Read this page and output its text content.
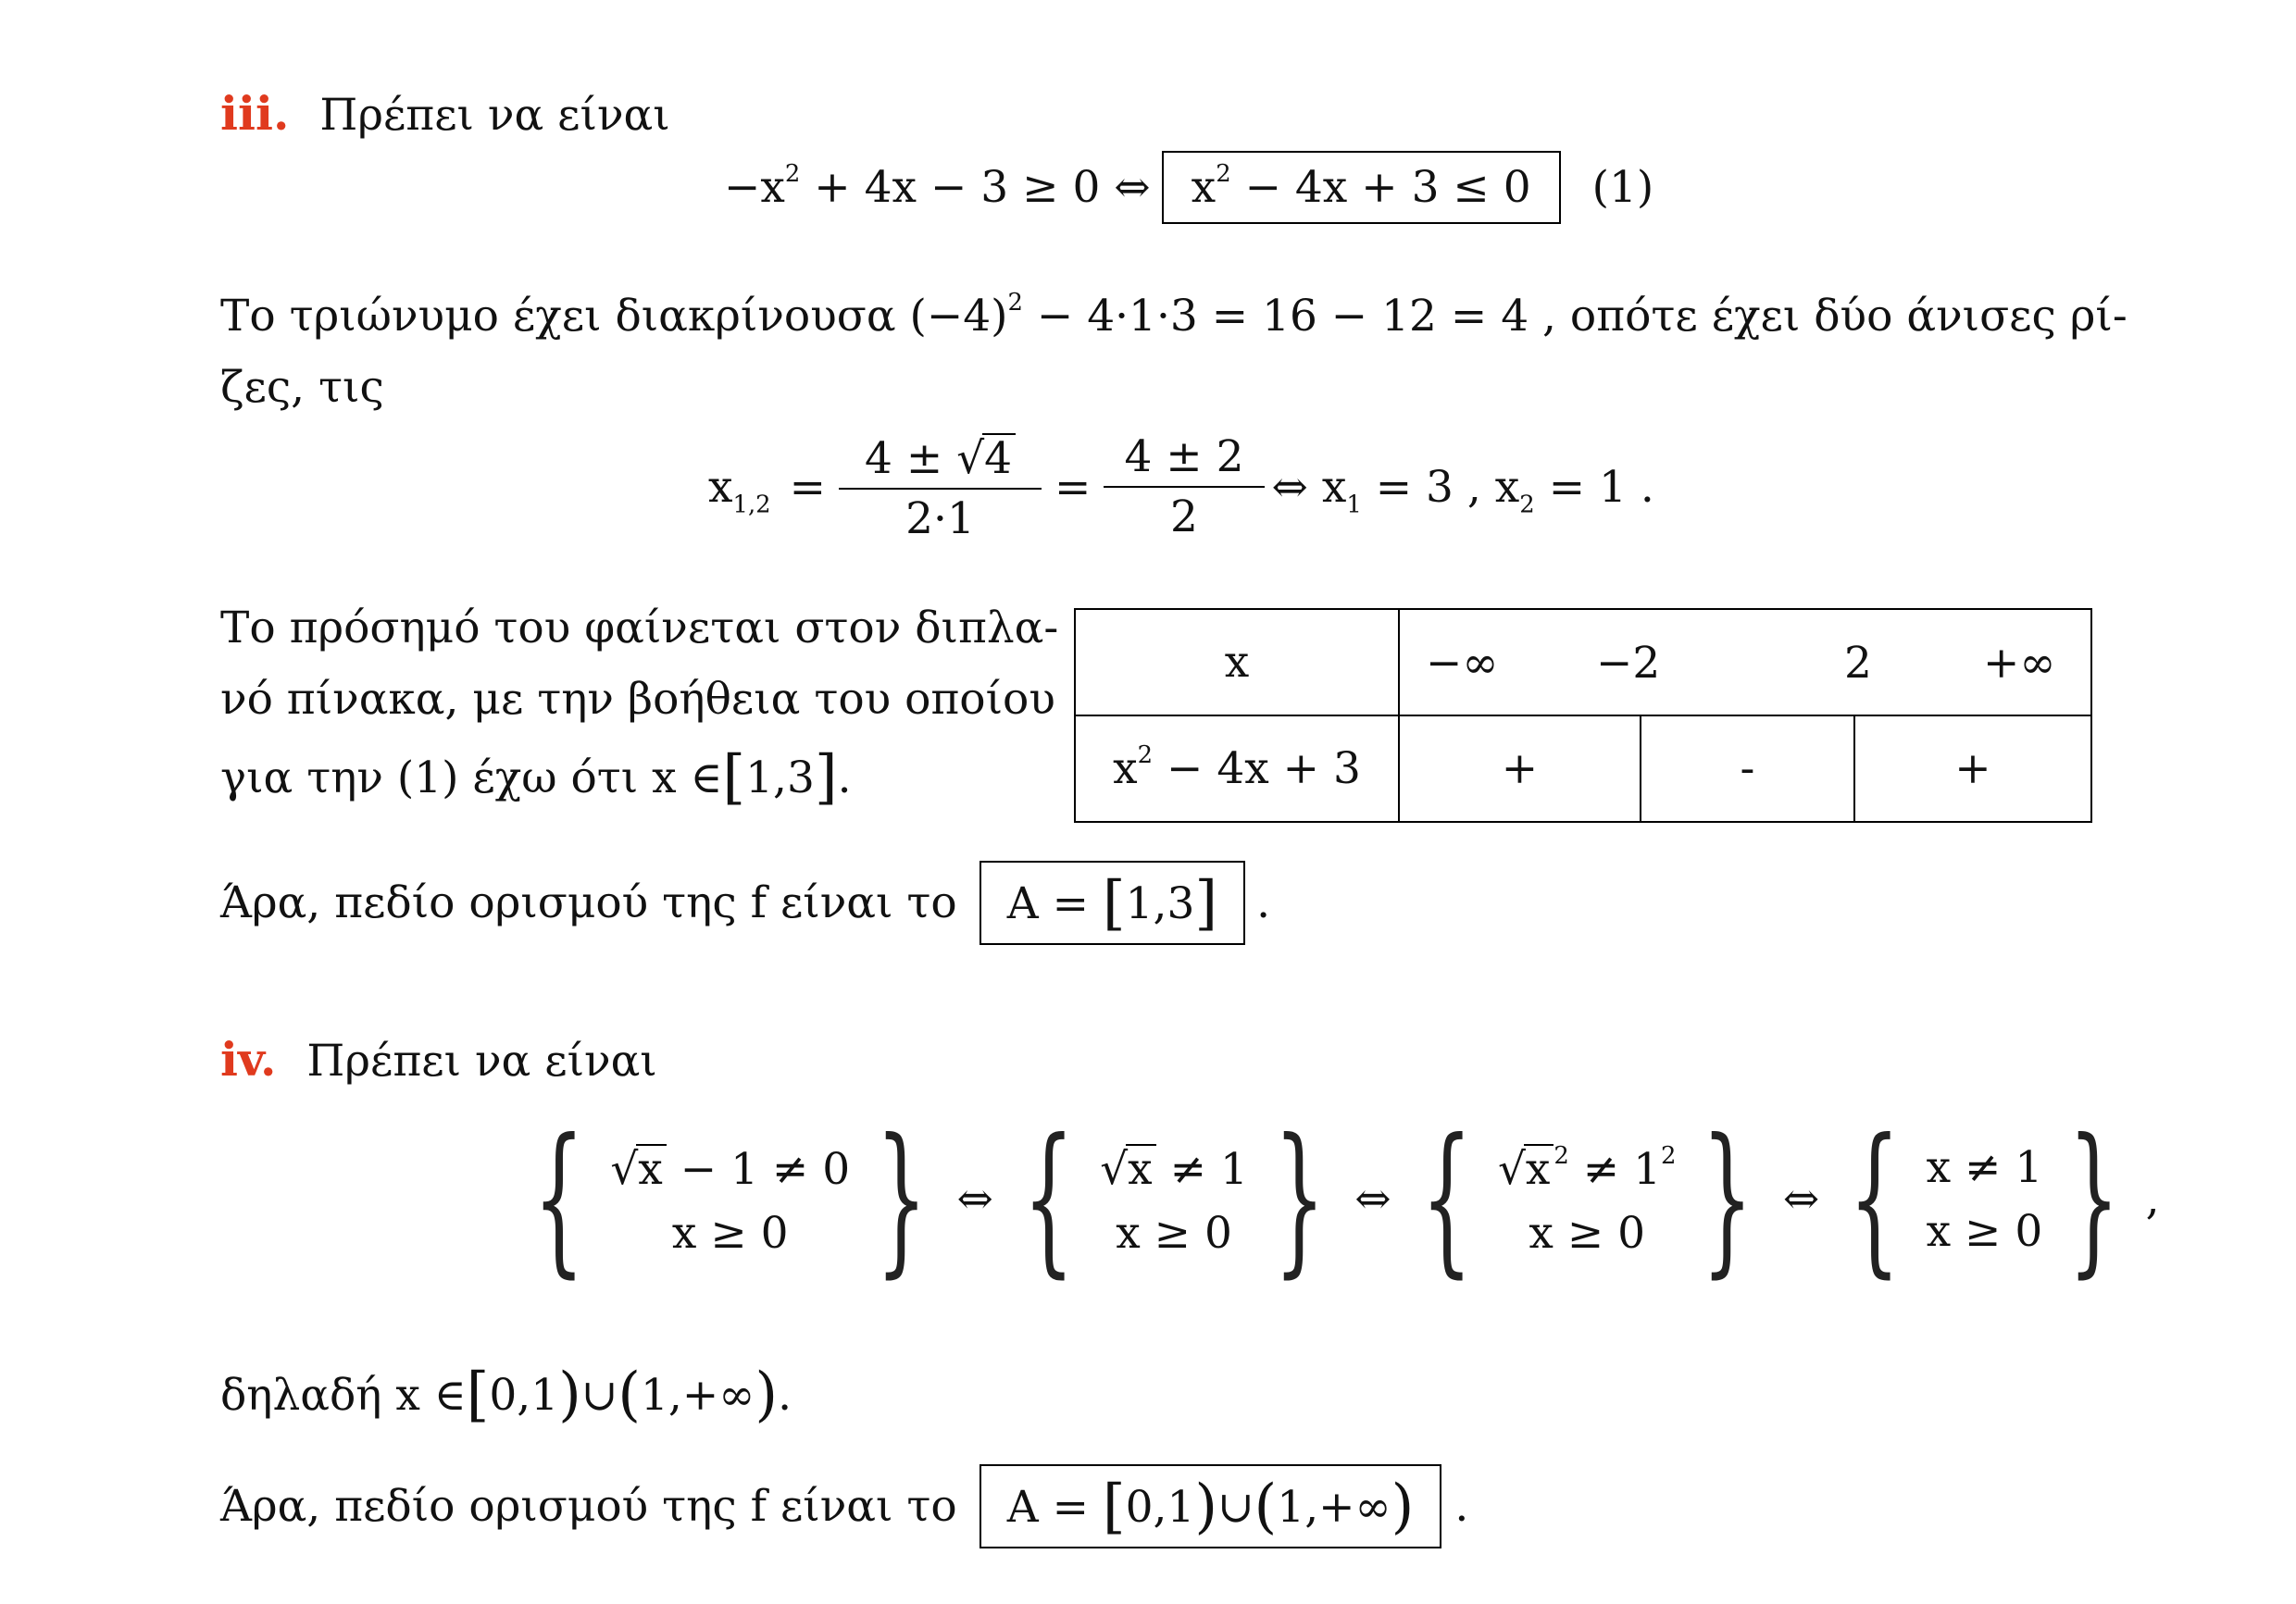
iii. Πρέπει να είναι
$-x^2 + 4x - 3 \ge 0$ ⇔ $x^2 - 4x + 3 \le 0$	(1)
Το τριώνυμο έχει διακρίνουσα $(-4)^2 - 4\cdot 1\cdot 3 = 16 - 12 = 4$ , οπότε έχει δύο άνισες ρί-
ζες, τις
$x_{1,2} = \frac{4 \pm √4}{2\cdot 1} = \frac{4 \pm 2}{2}$ ⇔ $x_1 = 3$ , $x_2 = 1$ .
Το πρόσημό του φαίνεται στον διπλα-
νό πίνακα, με την βοήθεια του οποίου
για την (1) έχω ότι x ∈[1,3].
x	−∞ −2 2 +∞		

$x^2 - 4x + 3$	+	-	+
Άρα, πεδίο ορισμού της f είναι το	A = [1,3] .
iv. Πρέπει να είναι
{ √x − 1 ≠ 0
x ≥ 0 } ⇔ { √x ≠ 1
x ≥ 0 } ⇔ { √x $^2 \ne 1^2$
x ≥ 0 } ⇔ { x ≠ 1
x ≥ 0 } ,
δηλαδή x ∈[0,1)∪(1,+∞).
Άρα, πεδίο ορισμού της f είναι το	A = [0,1)∪(1,+∞) .
